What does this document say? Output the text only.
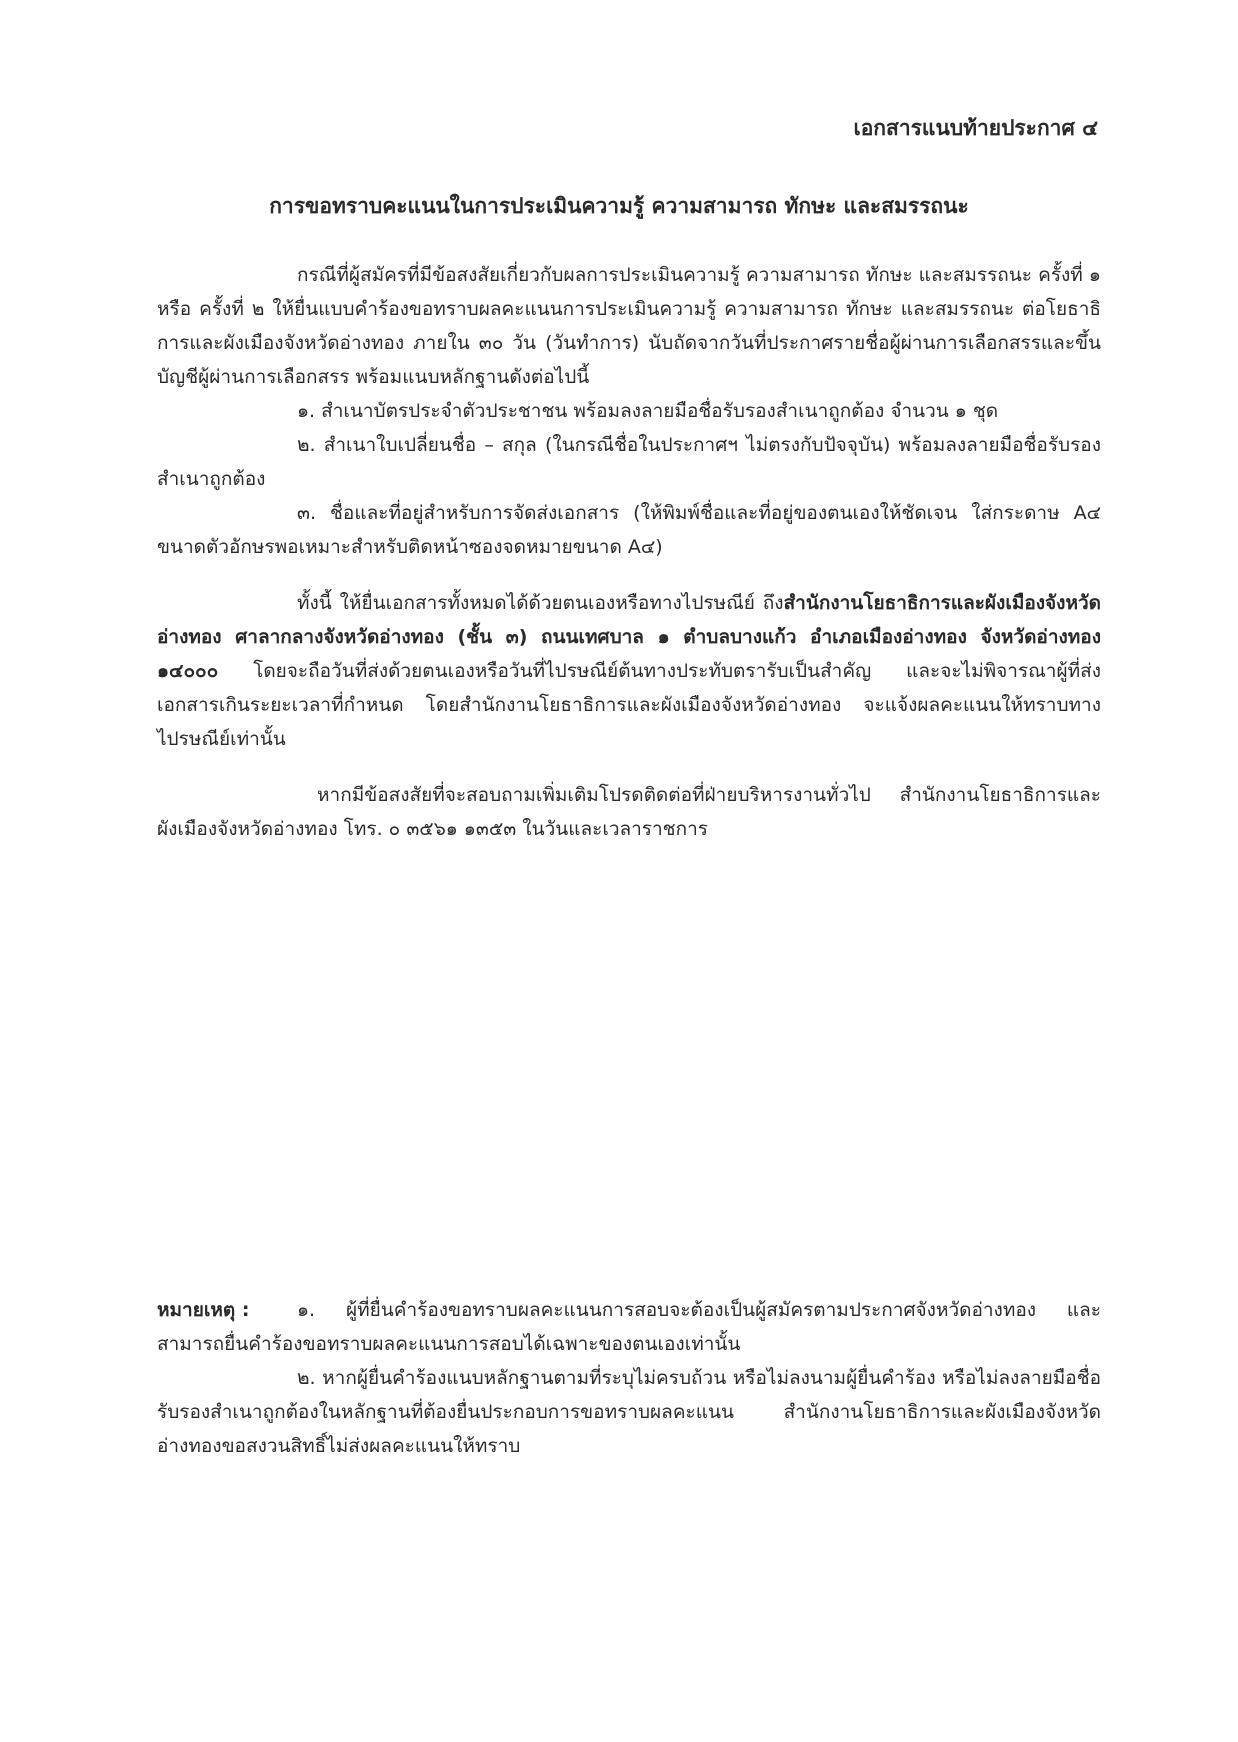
เอกสารแนบท้ายประกาศ ๔
การขอทราบคะแนนในการประเมินความรู้ ความสามารถ ทักษะ และสมรรถนะ

กรณีที่ผู้สมัครที่มีข้อสงสัยเกี่ยวกับผลการประเมินความรู้ ความสามารถ ทักษะ และสมรรถนะ ครั้งที่ ๑ หรือ ครั้งที่ ๒ ให้ยื่นแบบคำร้องขอทราบผลคะแนนการประเมินความรู้ ความสามารถ ทักษะ และสมรรถนะ ต่อโยธาธิการและผังเมืองจังหวัดอ่างทอง ภายใน ๓๐ วัน (วันทำการ) นับถัดจากวันที่ประกาศรายชื่อผู้ผ่านการเลือกสรรและขึ้นบัญชีผู้ผ่านการเลือกสรร พร้อมแนบหลักฐานดังต่อไปนี้

๑. สำเนาบัตรประจำตัวประชาชน พร้อมลงลายมือชื่อรับรองสำเนาถูกต้อง จำนวน ๑ ชุด

๒. สำเนาใบเปลี่ยนชื่อ – สกุล (ในกรณีชื่อในประกาศฯ ไม่ตรงกับปัจจุบัน) พร้อมลงลายมือชื่อรับรองสำเนาถูกต้อง

๓. ชื่อและที่อยู่สำหรับการจัดส่งเอกสาร (ให้พิมพ์ชื่อและที่อยู่ของตนเองให้ชัดเจน ใส่กระดาษ A๔ ขนาดตัวอักษรพอเหมาะสำหรับติดหน้าซองจดหมายขนาด A๔)

ทั้งนี้ ให้ยื่นเอกสารทั้งหมดได้ด้วยตนเองหรือทางไปรษณีย์ ถึงสำนักงานโยธาธิการและผังเมืองจังหวัดอ่างทอง ศาลากลางจังหวัดอ่างทอง (ชั้น ๓) ถนนเทศบาล ๑ ตำบลบางแก้ว อำเภอเมืองอ่างทอง จังหวัดอ่างทอง ๑๔๐๐๐ โดยจะถือวันที่ส่งด้วยตนเองหรือวันที่ไปรษณีย์ต้นทางประทับตรารับเป็นสำคัญ และจะไม่พิจารณาผู้ที่ส่งเอกสารเกินระยะเวลาที่กำหนด โดยสำนักงานโยธาธิการและผังเมืองจังหวัดอ่างทอง จะแจ้งผลคะแนนให้ทราบทางไปรษณีย์เท่านั้น

หากมีข้อสงสัยที่จะสอบถามเพิ่มเติมโปรดติดต่อที่ฝ่ายบริหารงานทั่วไป สำนักงานโยธาธิการและผังเมืองจังหวัดอ่างทอง โทร. ๐ ๓๕๖๑ ๑๓๕๓ ในวันและเวลาราชการ

หมายเหตุ :	๑. ผู้ที่ยื่นคำร้องขอทราบผลคะแนนการสอบจะต้องเป็นผู้สมัครตามประกาศจังหวัดอ่างทอง และสามารถยื่นคำร้องขอทราบผลคะแนนการสอบได้เฉพาะของตนเองเท่านั้น

๒. หากผู้ยื่นคำร้องแนบหลักฐานตามที่ระบุไม่ครบถ้วน หรือไม่ลงนามผู้ยื่นคำร้อง หรือไม่ลงลายมือชื่อรับรองสำเนาถูกต้องในหลักฐานที่ต้องยื่นประกอบการขอทราบผลคะแนน สำนักงานโยธาธิการและผังเมืองจังหวัดอ่างทองขอสงวนสิทธิ์ไม่ส่งผลคะแนนให้ทราบ
